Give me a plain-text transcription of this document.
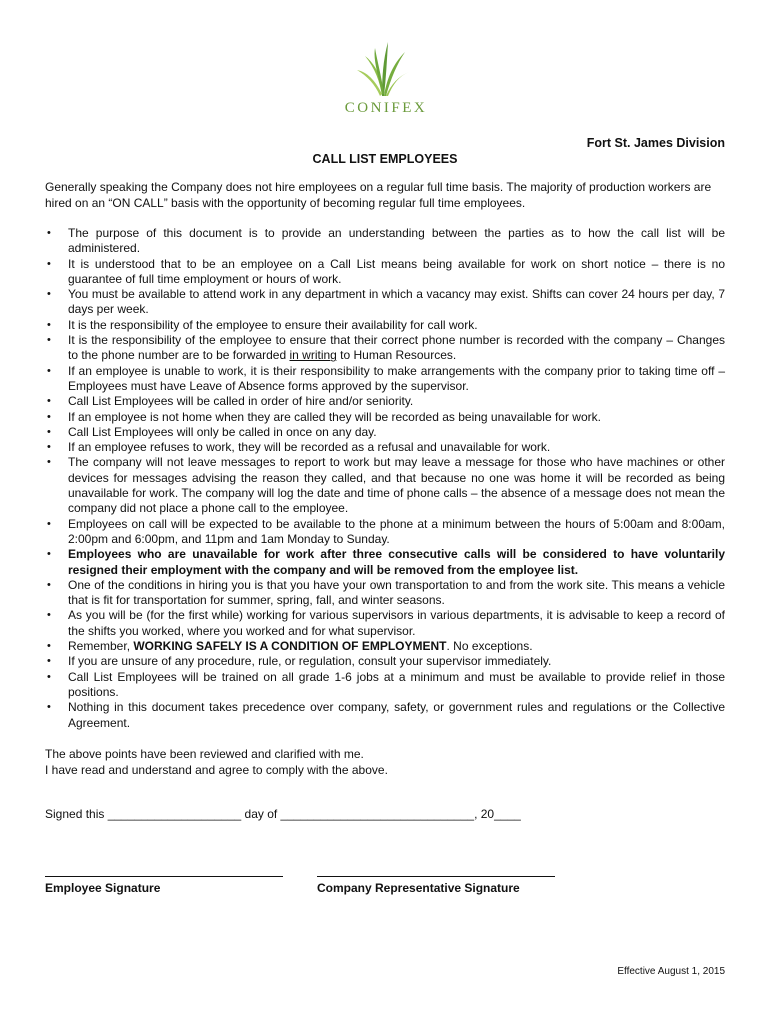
CONIFEX
Fort St. James Division
CALL LIST EMPLOYEES
Generally speaking the Company does not hire employees on a regular full time basis. The majority of production workers are hired on an “ON CALL” basis with the opportunity of becoming regular full time employees.
• The purpose of this document is to provide an understanding between the parties as to how the call list will be administered.
• It is understood that to be an employee on a Call List means being available for work on short notice – there is no guarantee of full time employment or hours of work.
• You must be available to attend work in any department in which a vacancy may exist. Shifts can cover 24 hours per day, 7 days per week.
• It is the responsibility of the employee to ensure their availability for call work.
• It is the responsibility of the employee to ensure that their correct phone number is recorded with the company – Changes to the phone number are to be forwarded in writing to Human Resources.
• If an employee is unable to work, it is their responsibility to make arrangements with the company prior to taking time off – Employees must have Leave of Absence forms approved by the supervisor.
• Call List Employees will be called in order of hire and/or seniority.
• If an employee is not home when they are called they will be recorded as being unavailable for work.
• Call List Employees will only be called in once on any day.
• If an employee refuses to work, they will be recorded as a refusal and unavailable for work.
• The company will not leave messages to report to work but may leave a message for those who have machines or other devices for messages advising the reason they called, and that because no one was home it will be recorded as being unavailable for work. The company will log the date and time of phone calls – the absence of a message does not mean the company did not place a phone call to the employee.
• Employees on call will be expected to be available to the phone at a minimum between the hours of 5:00am and 8:00am, 2:00pm and 6:00pm, and 11pm and 1am Monday to Sunday.
• Employees who are unavailable for work after three consecutive calls will be considered to have voluntarily resigned their employment with the company and will be removed from the employee list.
• One of the conditions in hiring you is that you have your own transportation to and from the work site. This means a vehicle that is fit for transportation for summer, spring, fall, and winter seasons.
• As you will be (for the first while) working for various supervisors in various departments, it is advisable to keep a record of the shifts you worked, where you worked and for what supervisor.
• Remember, WORKING SAFELY IS A CONDITION OF EMPLOYMENT. No exceptions.
• If you are unsure of any procedure, rule, or regulation, consult your supervisor immediately.
• Call List Employees will be trained on all grade 1-6 jobs at a minimum and must be available to provide relief in those positions.
• Nothing in this document takes precedence over company, safety, or government rules and regulations or the Collective Agreement.
The above points have been reviewed and clarified with me.
I have read and understand and agree to comply with the above.
Signed this ____________________ day of _____________________________, 20____
Employee Signature	Company Representative Signature
Effective August 1, 2015
